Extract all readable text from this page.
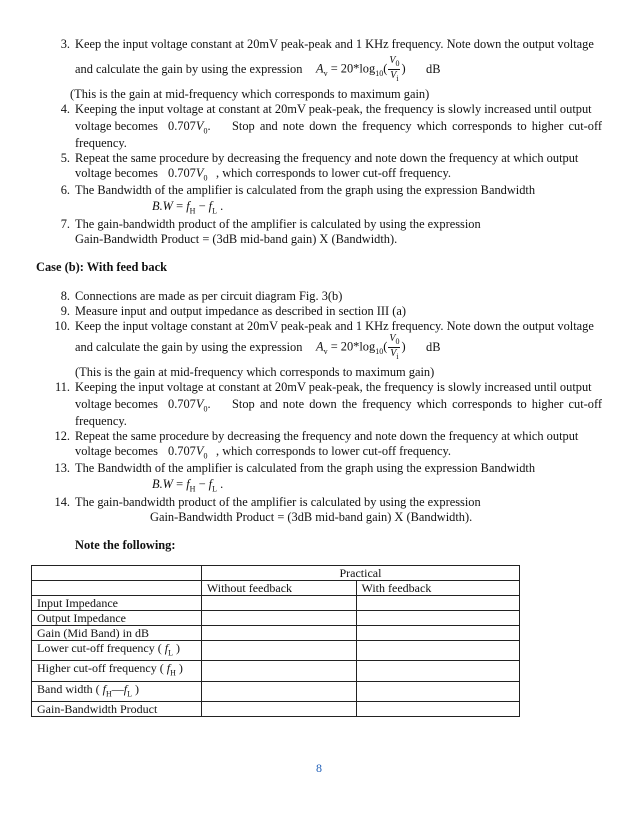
3. Keep the input voltage constant at 20mV peak-peak and 1 KHz frequency. Note down the output voltage
and calculate the gain by using the expression $A_v = 20*\log_{10}( \frac{V_0}{V_i}$ ) dB
(This is the gain at mid-frequency which corresponds to maximum gain)
4. Keeping the input voltage at constant at 20mV peak-peak, the frequency is slowly increased until output
voltage becomes $0.707V_0$. Stop and note down the frequency which corresponds to higher cut-off
frequency.
5. Repeat the same procedure by decreasing the frequency and note down the frequency at which output
voltage becomes $0.707V_0$ , which corresponds to lower cut-off frequency.
6. The Bandwidth of the amplifier is calculated from the graph using the expression Bandwidth
$B.W = f_H - f_L$ .
7. The gain-bandwidth product of the amplifier is calculated by using the expression
Gain-Bandwidth Product = (3dB mid-band gain) X (Bandwidth).
Case (b): With feed back
8. Connections are made as per circuit diagram Fig. 3(b)
9. Measure input and output impedance as described in section III (a)
10. Keep the input voltage constant at 20mV peak-peak and 1 KHz frequency. Note down the output voltage
and calculate the gain by using the expression $A_v = 20*\log_{10}( \frac{V_0}{V_i}$ ) dB
(This is the gain at mid-frequency which corresponds to maximum gain)
11. Keeping the input voltage at constant at 20mV peak-peak, the frequency is slowly increased until output
voltage becomes $0.707V_0$. Stop and note down the frequency which corresponds to higher cut-off
frequency.
12. Repeat the same procedure by decreasing the frequency and note down the frequency at which output
voltage becomes $0.707V_0$ , which corresponds to lower cut-off frequency.
13. The Bandwidth of the amplifier is calculated from the graph using the expression Bandwidth
$B.W = f_H - f_L$ .
14. The gain-bandwidth product of the amplifier is calculated by using the expression
Gain-Bandwidth Product = (3dB mid-band gain) X (Bandwidth).
Note the following:
	Practical	
	Without feedback	With feedback
Input Impedance		
Output Impedance		
Gain (Mid Band) in dB		
Lower cut-off frequency ( $f_L$ )		
Higher cut-off frequency ( $f_H$ )		
Band width ( $f_H—f_L$ )		
Gain-Bandwidth Product		
8
